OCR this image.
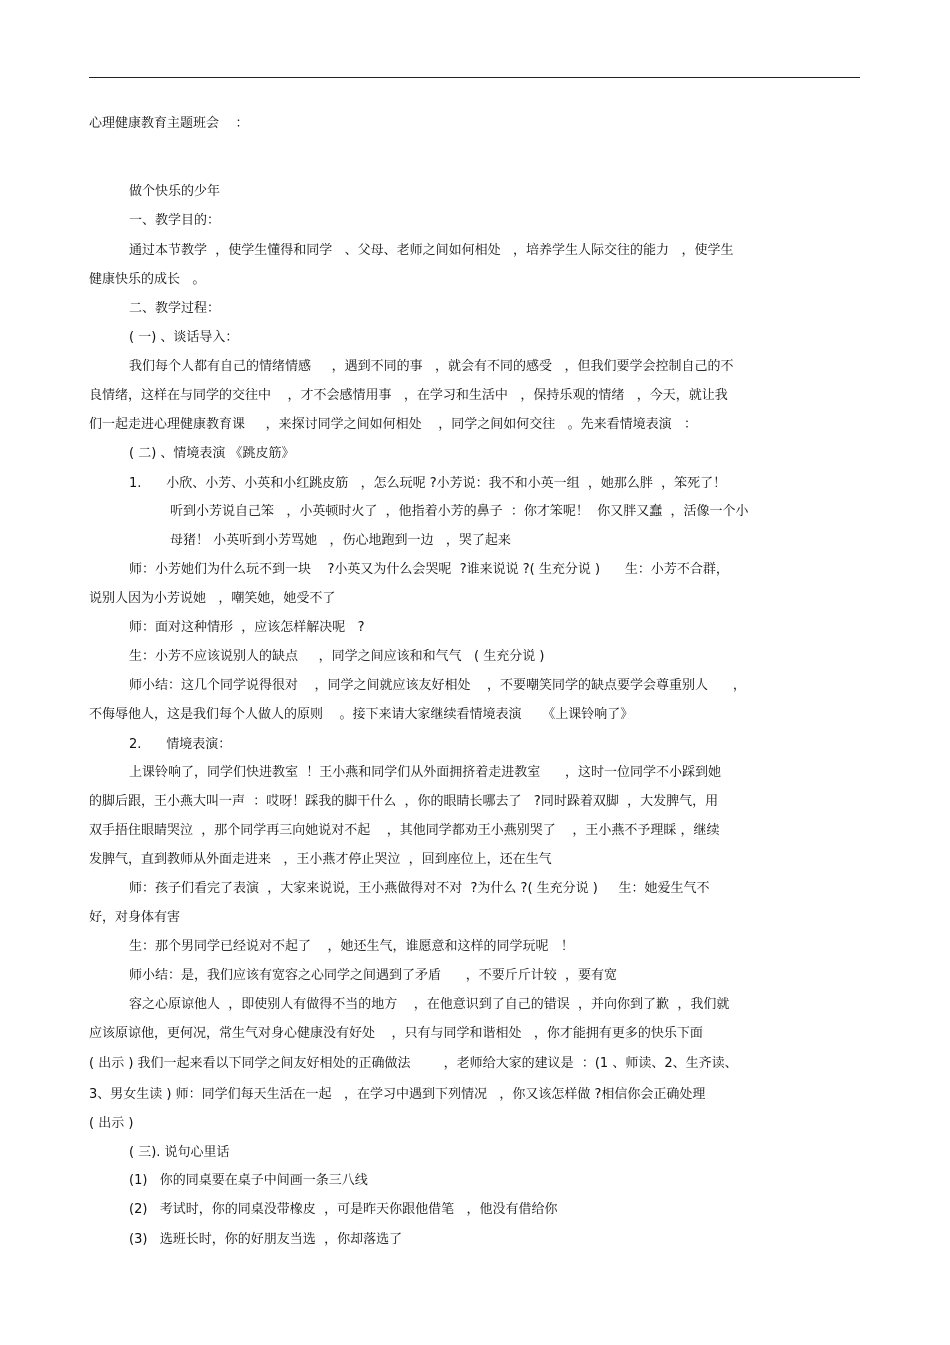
心理健康教育主题班会    ：
做个快乐的少年
一、教学目的：
通过本节教学  ，使学生懂得和同学   、父母、老师之间如何相处   ，培养学生人际交往的能力   ，使学生
健康快乐的成长   。
二、教学过程：
( 一) 、谈话导入：
我们每个人都有自己的情绪情感     ，遇到不同的事   ，就会有不同的感受   ，但我们要学会控制自己的不
良情绪，这样在与同学的交往中    ，才不会感情用事   ，在学习和生活中   ，保持乐观的情绪   ，今天，就让我
们一起走进心理健康教育课     ，来探讨同学之间如何相处    ，同学之间如何交往   。先来看情境表演   ：
( 二) 、情境表演 《跳皮筋》
1.      小欣、小芳、小英和小红跳皮筋   ，怎么玩呢 ?小芳说：我不和小英一组  ，她那么胖  ，笨死了！
听到小芳说自己笨   ，小英顿时火了  ，他指着小芳的鼻子  ：你才笨呢！  你又胖又蠢  ，活像一个小
母猪！ 小英听到小芳骂她   ，伤心地跑到一边   ，哭了起来
师：小芳她们为什么玩不到一块    ?小英又为什么会哭呢  ?谁来说说 ?( 生充分说 )      生：小芳不合群，
说别人因为小芳说她   ，嘲笑她，她受不了
师：面对这种情形  ，应该怎样解决呢   ?
生：小芳不应该说别人的缺点     ，同学之间应该和和气气   ( 生充分说 )
师小结：这几个同学说得很对    ，同学之间就应该友好相处    ，不要嘲笑同学的缺点要学会尊重别人      ，
不侮辱他人，这是我们每个人做人的原则    。接下来请大家继续看情境表演     《上课铃响了》
2.      情境表演：
上课铃响了，同学们快进教室  ！王小燕和同学们从外面拥挤着走进教室      ，这时一位同学不小踩到她
的脚后跟，王小燕大叫一声  ：哎呀！踩我的脚干什么  ，你的眼睛长哪去了   ?同时跺着双脚  ，大发脾气，用
双手捂住眼睛哭泣  ，那个同学再三向她说对不起    ，其他同学都劝王小燕别哭了    ，王小燕不予理睬 ，继续
发脾气，直到教师从外面走进来   ，王小燕才停止哭泣  ，回到座位上，还在生气
师：孩子们看完了表演  ，大家来说说，王小燕做得对不对  ?为什么 ?( 生充分说 )     生：她爱生气不
好，对身体有害
生：那个男同学已经说对不起了    ，她还生气，谁愿意和这样的同学玩呢   ！
师小结：是，我们应该有宽容之心同学之间遇到了矛盾      ，不要斤斤计较  ，要有宽
容之心原谅他人  ，即使别人有做得不当的地方    ，在他意识到了自己的错误  ，并向你到了歉  ，我们就
应该原谅他，更何况，常生气对身心健康没有好处    ，只有与同学和谐相处   ，你才能拥有更多的快乐下面
( 出示 ) 我们一起来看以下同学之间友好相处的正确做法        ，老师给大家的建议是  ：(1 、师读、2、生齐读、
3、男女生读 ) 师：同学们每天生活在一起   ，在学习中遇到下列情况   ，你又该怎样做 ?相信你会正确处理
( 出示 )
( 三). 说句心里话
(1)   你的同桌要在桌子中间画一条三八线
(2)   考试时，你的同桌没带橡皮  ，可是昨天你跟他借笔   ，他没有借给你
(3)   选班长时，你的好朋友当选  ，你却落选了
